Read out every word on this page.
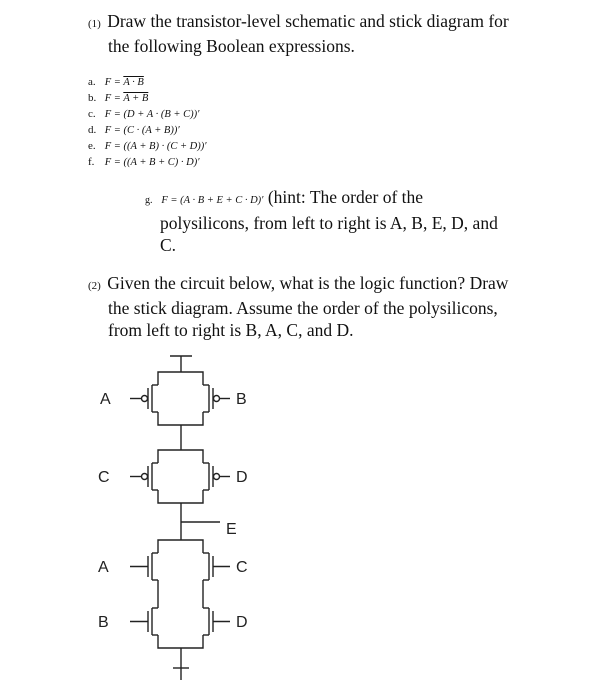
(1) Draw the transistor-level schematic and stick diagram for
the following Boolean expressions.
a. F = A · B
b. F = A + B
c. F = (D + A · (B + C))′
d. F = (C · (A + B))′
e. F = ((A + B) · (C + D))′
f. F = ((A + B + C) · D)′
g. F = (A · B + E + C · D)′ (hint: The order of the
polysilicons, from left to right is A, B, E, D, and
C.
(2) Given the circuit below, what is the logic function? Draw
the stick diagram. Assume the order of the polysilicons,
from left to right is B, A, C, and D.
A	B
C	D
E
A	C
B	D
